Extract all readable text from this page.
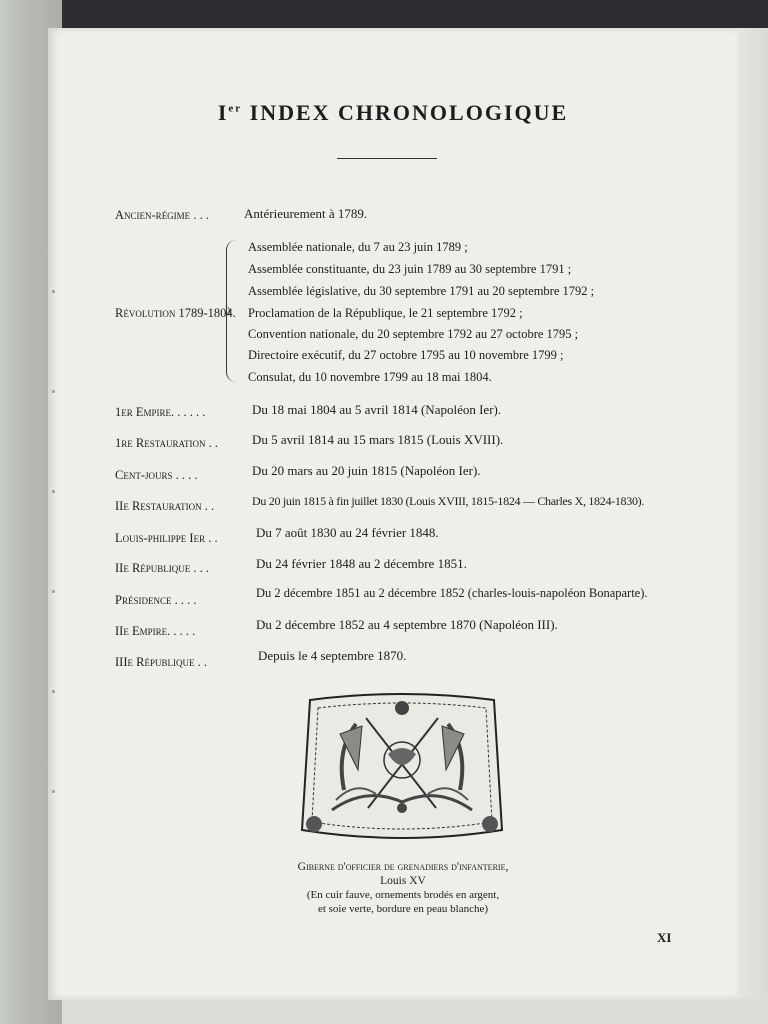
Ier INDEX CHRONOLOGIQUE
Ancien-régime . . .	Antérieurement à 1789.
Révolution 1789-1804.
Assemblée nationale, du 7 au 23 juin 1789 ;
Assemblée constituante, du 23 juin 1789 au 30 septembre 1791 ;
Assemblée législative, du 30 septembre 1791 au 20 septembre 1792 ;
Proclamation de la République, le 21 septembre 1792 ;
Convention nationale, du 20 septembre 1792 au 27 octobre 1795 ;
Directoire exécutif, du 27 octobre 1795 au 10 novembre 1799 ;
Consulat, du 10 novembre 1799 au 18 mai 1804.
1er Empire. . . . . .	Du 18 mai 1804 au 5 avril 1814 (Napoléon Ier).
1re Restauration . .	Du 5 avril 1814 au 15 mars 1815 (Louis XVIII).
Cent-jours . . . .	Du 20 mars au 20 juin 1815 (Napoléon Ier).
IIe Restauration . .	Du 20 juin 1815 à fin juillet 1830 (Louis XVIII, 1815-1824 — Charles X, 1824-1830).
Louis-philippe Ier . .	Du 7 août 1830 au 24 février 1848.
IIe République . . .	Du 24 février 1848 au 2 décembre 1851.
Présidence . . . .	Du 2 décembre 1851 au 2 décembre 1852 (charles-louis-napoléon Bonaparte).
IIe Empire. . . . .	Du 2 décembre 1852 au 4 septembre 1870 (Napoléon III).
IIIe République . .	Depuis le 4 septembre 1870.
Giberne d'officier de grenadiers d'infanterie,
Louis XV
(En cuir fauve, ornements brodés en argent,
et soie verte, bordure en peau blanche)
XI
